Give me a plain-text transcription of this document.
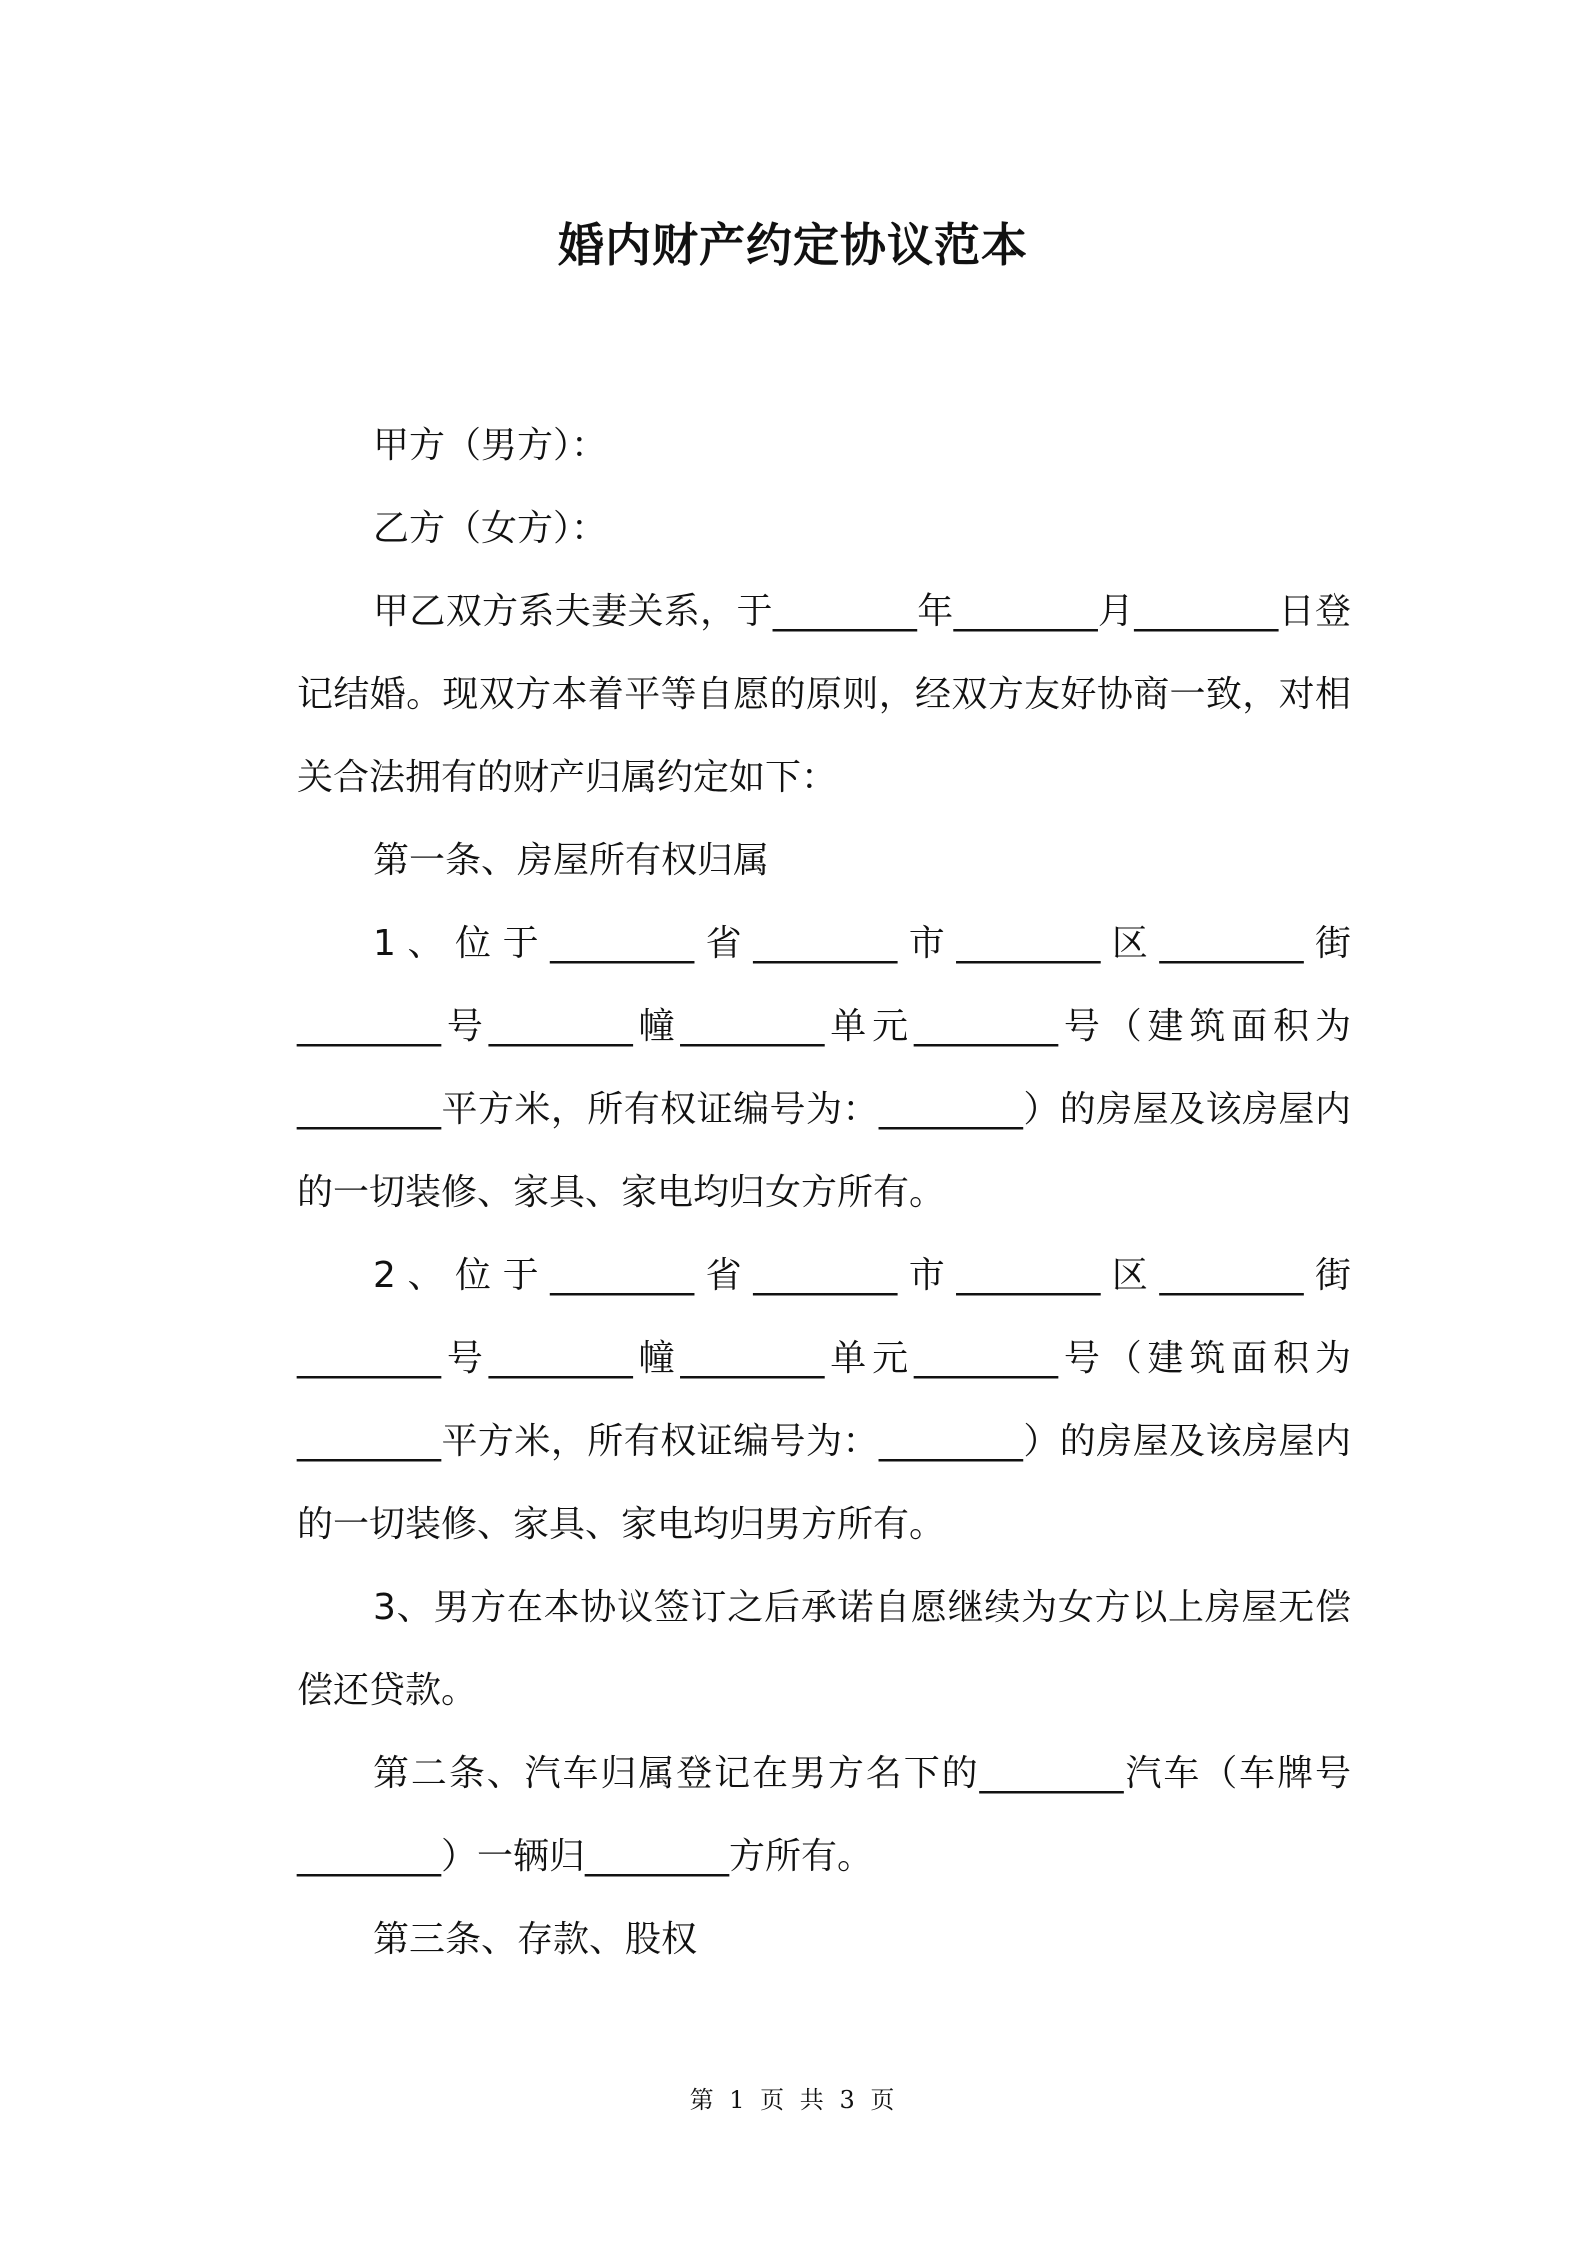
婚内财产约定协议范本

甲方（男方）：

乙方（女方）：

甲乙双方系夫妻关系，于________年________月________日登记结婚。现双方本着平等自愿的原则，经双方友好协商一致，对相关合法拥有的财产归属约定如下：

第一条、房屋所有权归属

1、位于________省________市________区________街________号________幢________单元________号（建筑面积为________平方米，所有权证编号为：________）的房屋及该房屋内的一切装修、家具、家电均归女方所有。

2、位于________省________市________区________街________号________幢________单元________号（建筑面积为________平方米，所有权证编号为：________）的房屋及该房屋内的一切装修、家具、家电均归男方所有。

3、男方在本协议签订之后承诺自愿继续为女方以上房屋无偿偿还贷款。

第二条、汽车归属登记在男方名下的________汽车（车牌号________）一辆归________方所有。

第三条、存款、股权

第 1 页 共 3 页
